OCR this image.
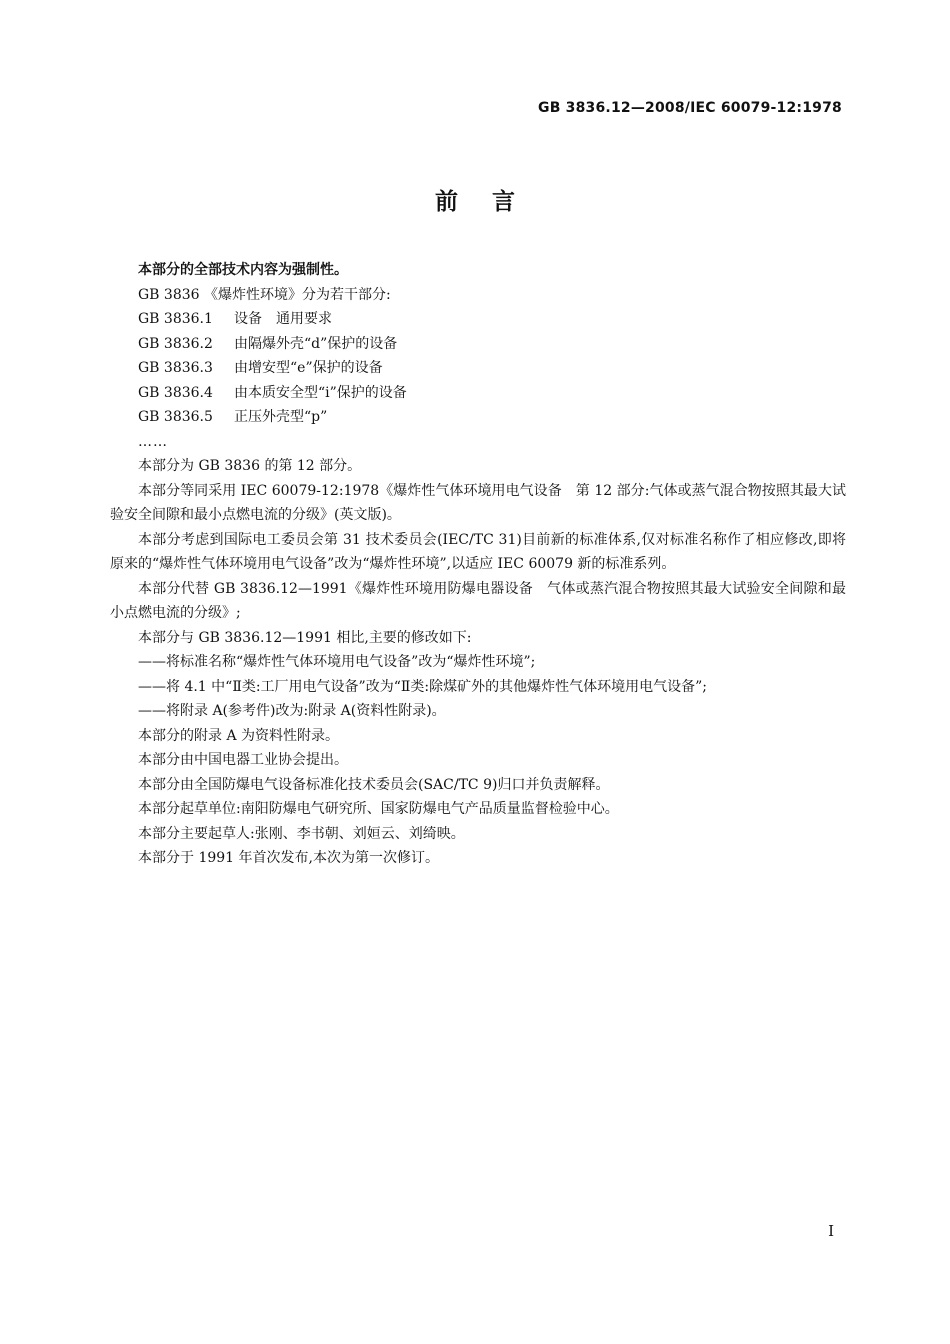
GB 3836.12—2008/IEC 60079-12:1978
前言

本部分的全部技术内容为强制性。

GB 3836 《爆炸性环境》分为若干部分:

GB 3836.1 设备　通用要求
GB 3836.2 由隔爆外壳“d”保护的设备
GB 3836.3 由增安型“e”保护的设备
GB 3836.4 由本质安全型“i”保护的设备
GB 3836.5 正压外壳型“p”

……

本部分为 GB 3836 的第 12 部分。

本部分等同采用 IEC 60079-12:1978《爆炸性气体环境用电气设备　第 12 部分:气体或蒸气混合物按照其最大试验安全间隙和最小点燃电流的分级》(英文版)。

本部分考虑到国际电工委员会第 31 技术委员会(IEC/TC 31)目前新的标准体系,仅对标准名称作了相应修改,即将原来的“爆炸性气体环境用电气设备”改为“爆炸性环境”,以适应 IEC 60079 新的标准系列。

本部分代替 GB 3836.12—1991《爆炸性环境用防爆电器设备　气体或蒸汽混合物按照其最大试验安全间隙和最小点燃电流的分级》;

本部分与 GB 3836.12—1991 相比,主要的修改如下:

——将标准名称“爆炸性气体环境用电气设备”改为“爆炸性环境”;

——将 4.1 中“Ⅱ类:工厂用电气设备”改为“Ⅱ类:除煤矿外的其他爆炸性气体环境用电气设备”;

——将附录 A(参考件)改为:附录 A(资料性附录)。

本部分的附录 A 为资料性附录。

本部分由中国电器工业协会提出。

本部分由全国防爆电气设备标准化技术委员会(SAC/TC 9)归口并负责解释。

本部分起草单位:南阳防爆电气研究所、国家防爆电气产品质量监督检验中心。

本部分主要起草人:张刚、李书朝、刘姮云、刘绮映。

本部分于 1991 年首次发布,本次为第一次修订。

I
